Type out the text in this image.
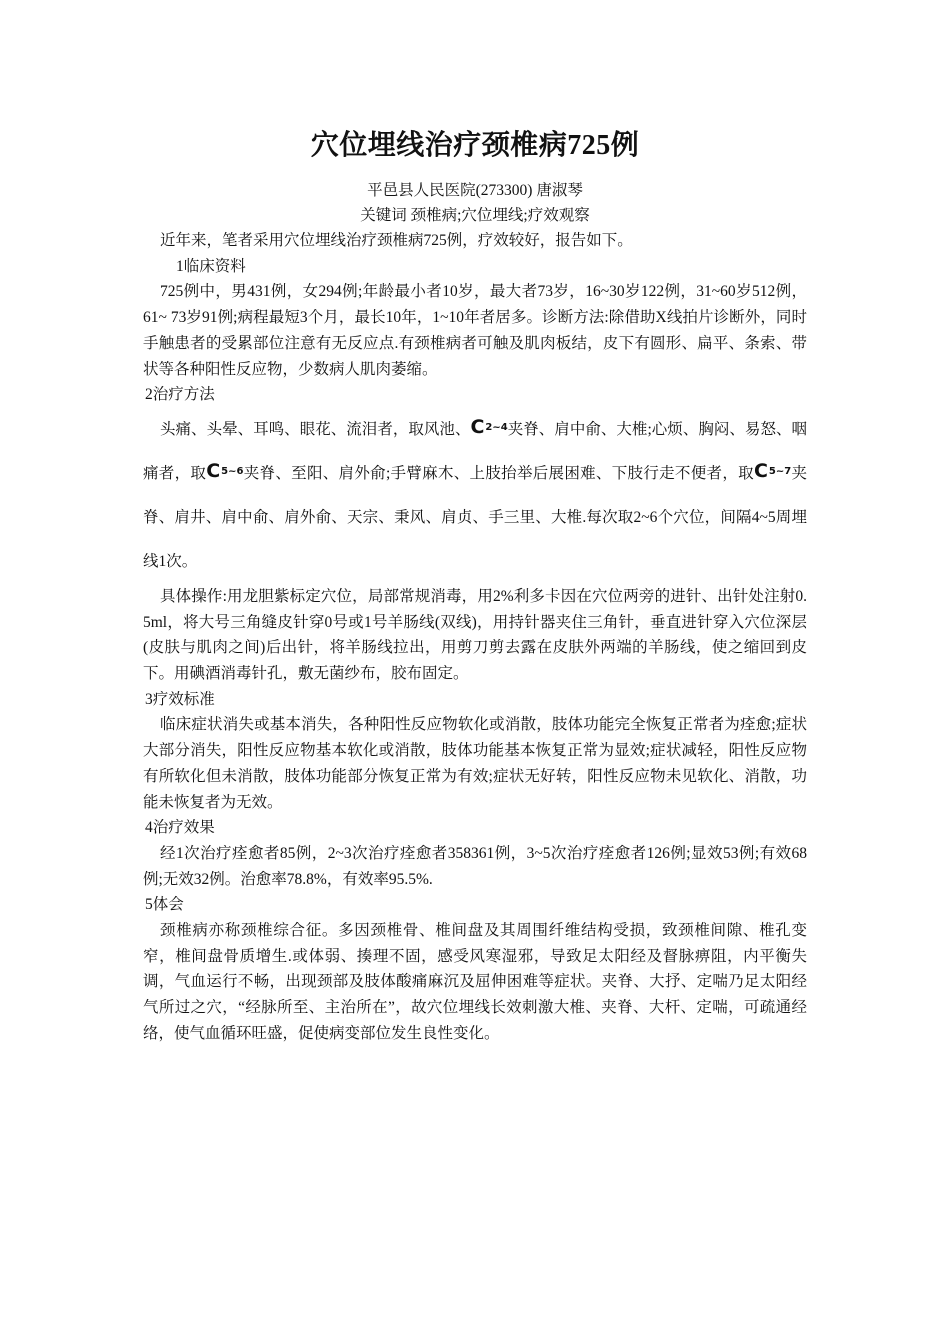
穴位埋线治疗颈椎病725例
平邑县人民医院(273300) 唐淑琴
关键词 颈椎病;穴位埋线;疗效观察

近年来，笔者采用穴位埋线治疗颈椎病725例，疗效较好，报告如下。

1临床资料

725例中，男431例，女294例;年龄最小者10岁，最大者73岁，16~30岁122例，31~60岁512例，61~ 73岁91例;病程最短3个月，最长10年，1~10年者居多。诊断方法:除借助X线拍片诊断外，同时手触患者的受累部位注意有无反应点.有颈椎病者可触及肌肉板结，皮下有圆形、扁平、条索、带状等各种阳性反应物，少数病人肌肉萎缩。

2治疗方法

头痛、头晕、耳鸣、眼花、流泪者，取风池、C2~4夹脊、肩中俞、大椎;心烦、胸闷、易怒、咽痛者，取C5~6夹脊、至阳、肩外俞;手臂麻木、上肢抬举后展困难、下肢行走不便者，取C5~7夹脊、肩井、肩中俞、肩外俞、天宗、秉风、肩贞、手三里、大椎.每次取2~6个穴位，间隔4~5周埋线1次。

具体操作:用龙胆紫标定穴位，局部常规消毒，用2%利多卡因在穴位两旁的进针、出针处注射0. 5ml，将大号三角缝皮针穿0号或1号羊肠线(双线)，用持针器夹住三角针，垂直进针穿入穴位深层(皮肤与肌肉之间)后出针，将羊肠线拉出，用剪刀剪去露在皮肤外两端的羊肠线，使之缩回到皮下。用碘酒消毒针孔，敷无菌纱布，胶布固定。

3疗效标准

临床症状消失或基本消失，各种阳性反应物软化或消散，肢体功能完全恢复正常者为痊愈;症状大部分消失，阳性反应物基本软化或消散，肢体功能基本恢复正常为显效;症状减轻，阳性反应物有所软化但未消散，肢体功能部分恢复正常为有效;症状无好转，阳性反应物未见软化、消散，功能未恢复者为无效。

4治疗效果

经1次治疗痊愈者85例，2~3次治疗痊愈者358361例，3~5次治疗痊愈者126例;显效53例;有效68例;无效32例。治愈率78.8%，有效率95.5%.

5体会

颈椎病亦称颈椎综合征。多因颈椎骨、椎间盘及其周围纤维结构受损，致颈椎间隙、椎孔变窄，椎间盘骨质增生.或体弱、揍理不固，感受风寒湿邪，导致足太阳经及督脉痹阻，内平衡失调，气血运行不畅，出现颈部及肢体酸痛麻沉及屈伸困难等症状。夹脊、大抒、定喘乃足太阳经气所过之穴，“经脉所至、主治所在”，故穴位埋线长效刺激大椎、夹脊、大杆、定喘，可疏通经络，使气血循环旺盛，促使病变部位发生良性变化。
